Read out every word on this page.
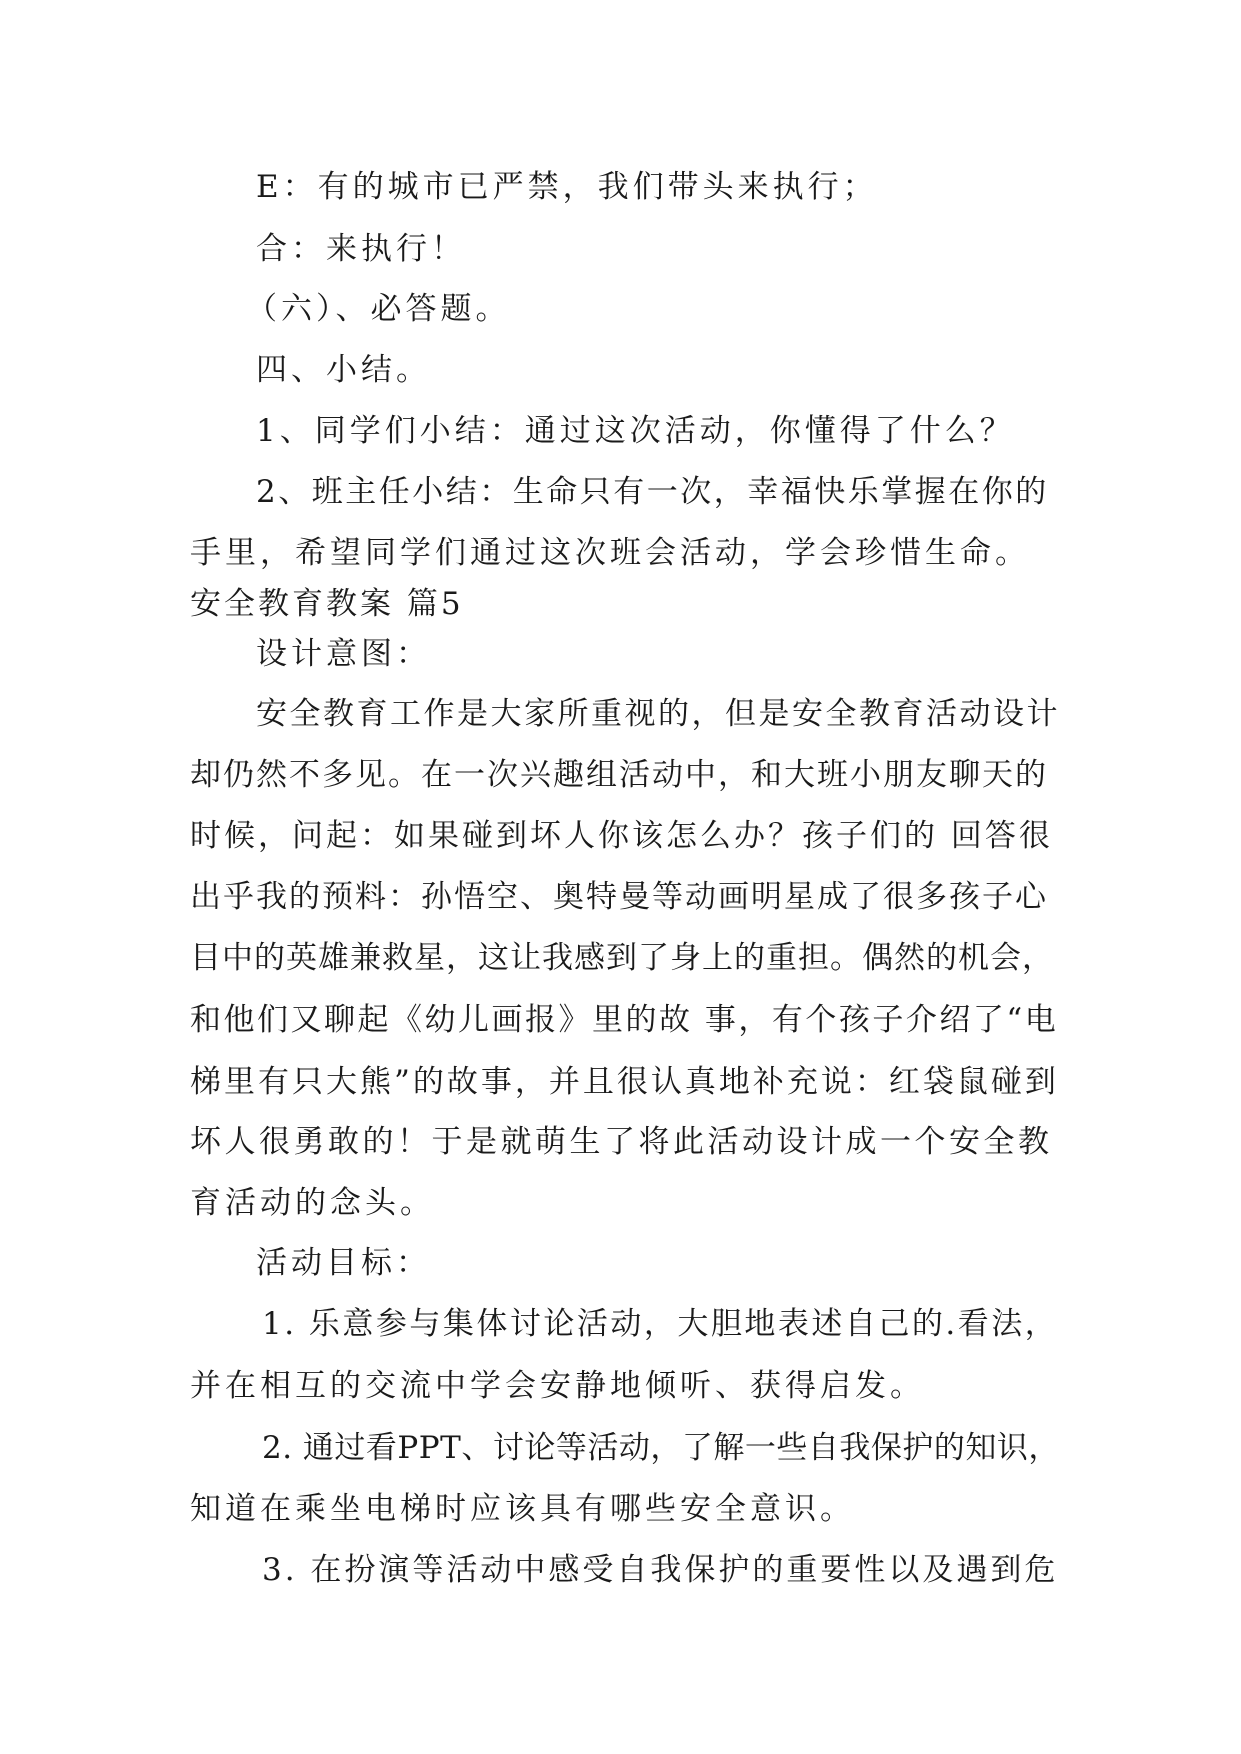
E：有的城市已严禁，我们带头来执行；
合：来执行！
（六）、必答题。
四、小结。
1、同学们小结：通过这次活动，你懂得了什么？
2、班主任小结：生命只有一次，幸福快乐掌握在你的
手里，希望同学们通过这次班会活动，学会珍惜生命。
安全教育教案 篇5
设计意图：
安全教育工作是大家所重视的，但是安全教育活动设计
却仍然不多见。在一次兴趣组活动中，和大班小朋友聊天的
时候，问起：如果碰到坏人你该怎么办？孩子们的 回答很
出乎我的预料：孙悟空、奥特曼等动画明星成了很多孩子心
目中的英雄兼救星，这让我感到了身上的重担。偶然的机会，
和他们又聊起《幼儿画报》里的故 事，有个孩子介绍了“电
梯里有只大熊”的故事，并且很认真地补充说：红袋鼠碰到
坏人很勇敢的！于是就萌生了将此活动设计成一个安全教
育活动的念头。
活动目标：
1. 乐意参与集体讨论活动，大胆地表述自己的.看法，
并在相互的交流中学会安静地倾听、获得启发。
2. 通过看PPT、讨论等活动，了解一些自我保护的知识，
知道在乘坐电梯时应该具有哪些安全意识。
3. 在扮演等活动中感受自我保护的重要性以及遇到危
